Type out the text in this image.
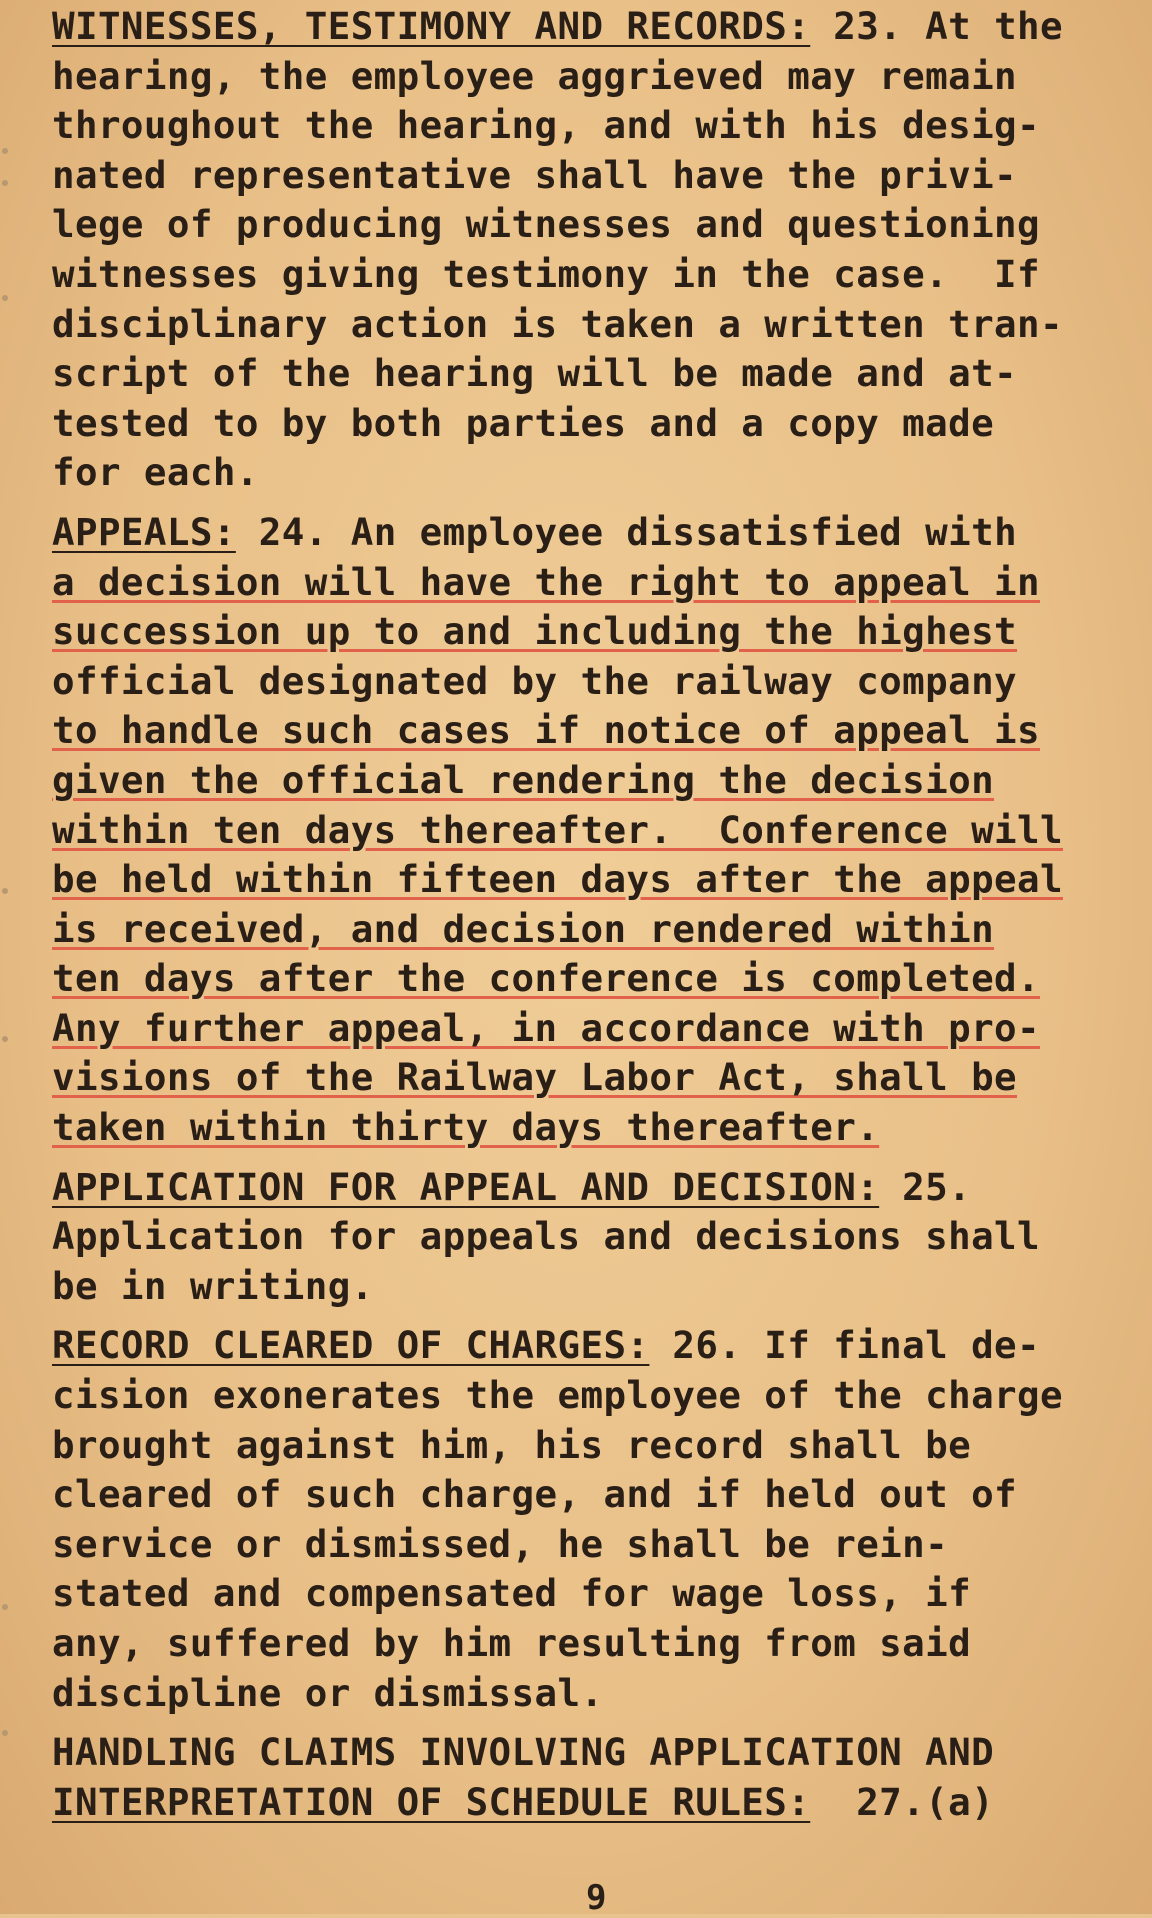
WITNESSES, TESTIMONY AND RECORDS: 23. At the
hearing, the employee aggrieved may remain
throughout the hearing, and with his desig-
nated representative shall have the privi-
lege of producing witnesses and questioning
witnesses giving testimony in the case.  If
disciplinary action is taken a written tran-
script of the hearing will be made and at-
tested to by both parties and a copy made
for each.
APPEALS: 24. An employee dissatisfied with
a decision will have the right to appeal in
succession up to and including the highest
official designated by the railway company
to handle such cases if notice of appeal is
given the official rendering the decision
within ten days thereafter.  Conference will
be held within fifteen days after the appeal
is received, and decision rendered within
ten days after the conference is completed.
Any further appeal, in accordance with pro-
visions of the Railway Labor Act, shall be
taken within thirty days thereafter.
APPLICATION FOR APPEAL AND DECISION: 25.
Application for appeals and decisions shall
be in writing.
RECORD CLEARED OF CHARGES: 26. If final de-
cision exonerates the employee of the charge
brought against him, his record shall be
cleared of such charge, and if held out of
service or dismissed, he shall be rein-
stated and compensated for wage loss, if
any, suffered by him resulting from said
discipline or dismissal.
HANDLING CLAIMS INVOLVING APPLICATION AND
INTERPRETATION OF SCHEDULE RULES:  27.(a)
9
